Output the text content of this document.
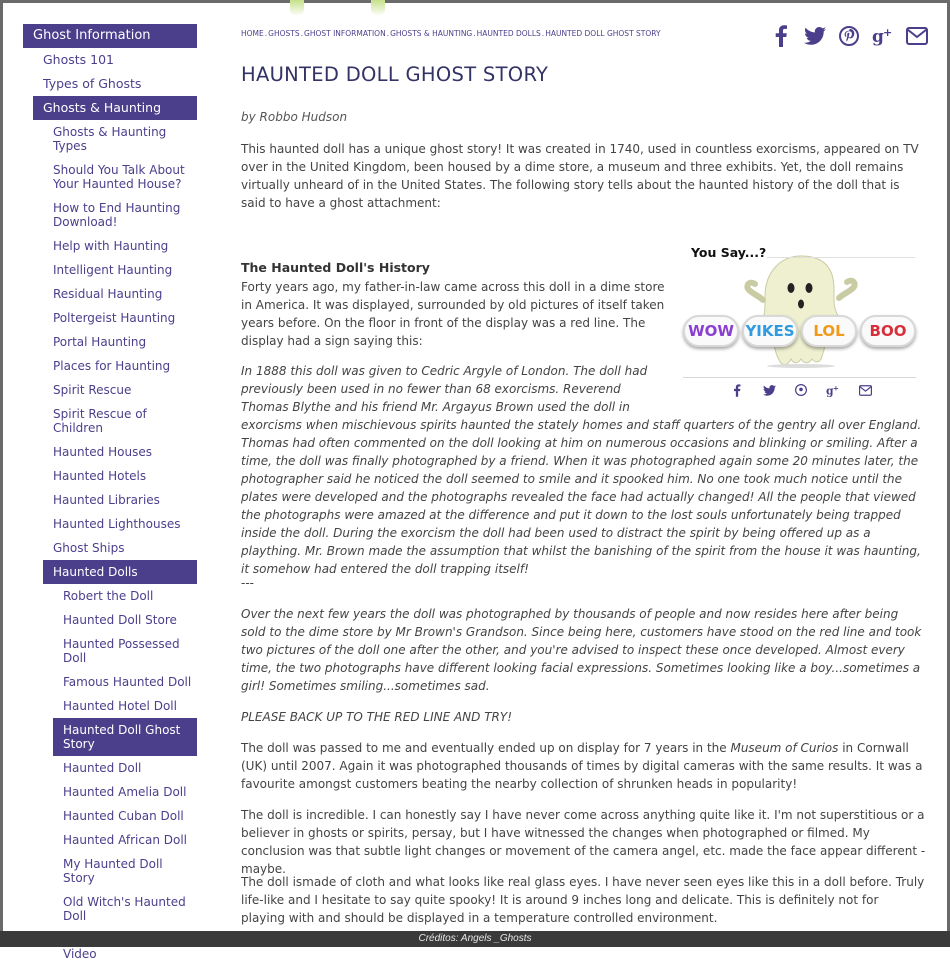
Ghost Information
Ghosts 101
Types of Ghosts
Ghosts & Haunting
Ghosts & Haunting Types
Should You Talk About Your Haunted House?
How to End Haunting Download!
Help with Haunting
Intelligent Haunting
Residual Haunting
Poltergeist Haunting
Portal Haunting
Places for Haunting
Spirit Rescue
Spirit Rescue of Children
Haunted Houses
Haunted Hotels
Haunted Libraries
Haunted Lighthouses
Ghost Ships
Haunted Dolls
Robert the Doll
Haunted Doll Store
Haunted Possessed Doll
Famous Haunted Doll
Haunted Hotel Doll
Haunted Doll Ghost Story
Haunted Doll
Haunted Amelia Doll
Haunted Cuban Doll
Haunted African Doll
My Haunted Doll Story
Old Witch's Haunted Doll
Video
HOME.GHOSTS.GHOST INFORMATION.GHOSTS & HAUNTING.HAUNTED DOLLS.HAUNTED DOLL GHOST STORY	g +
HAUNTED DOLL GHOST STORY
by Robbo Hudson

This haunted doll has a unique ghost story! It was created in 1740, used in countless exorcisms, appeared on TV over in the United Kingdom, been housed by a dime store, a museum and three exhibits. Yet, the doll remains virtually unheard of in the United States. The following story tells about the haunted history of the doll that is said to have a ghost attachment:

The Haunted Doll's History

Forty years ago, my father-in-law came across this doll in a dime store in America. It was displayed, surrounded by old pictures of itself taken years before. On the floor in front of the display was a red line. The display had a sign saying this:

In 1888 this doll was given to Cedric Argyle of London. The doll had previously been used in no fewer than 68 exorcisms. Reverend Thomas Blythe and his friend Mr. Argayus Brown used the doll in exorcisms when mischievous spirits haunted the stately homes and staff quarters of the gentry all over England. Thomas had often commented on the doll looking at him on numerous occasions and blinking or smiling. After a time, the doll was finally photographed by a friend. When it was photographed again some 20 minutes later, the photographer said he noticed the doll seemed to smile and it spooked him. No one took much notice until the plates were developed and the photographs revealed the face had actually changed! All the people that viewed the photographs were amazed at the difference and put it down to the lost souls unfortunately being trapped inside the doll. During the exorcism the doll had been used to distract the spirit by being offered up as a plaything. Mr. Brown made the assumption that whilst the banishing of the spirit from the house it was haunting, it somehow had entered the doll trapping itself!

---

Over the next few years the doll was photographed by thousands of people and now resides here after being sold to the dime store by Mr Brown's Grandson. Since being here, customers have stood on the red line and took two pictures of the doll one after the other, and you're advised to inspect these once developed. Almost every time, the two photographs have different looking facial expressions. Sometimes looking like a boy...sometimes a girl! Sometimes smiling...sometimes sad.

PLEASE BACK UP TO THE RED LINE AND TRY!

The doll was passed to me and eventually ended up on display for 7 years in the Museum of Curios in Cornwall (UK) until 2007. Again it was photographed thousands of times by digital cameras with the same results. It was a favourite amongst customers beating the nearby collection of shrunken heads in popularity!

The doll is incredible. I can honestly say I have never come across anything quite like it. I'm not superstitious or a believer in ghosts or spirits, persay, but I have witnessed the changes when photographed or filmed. My conclusion was that subtle light changes or movement of the camera angel, etc. made the face appear different - maybe.

The doll ismade of cloth and what looks like real glass eyes. I have never seen eyes like this in a doll before. Truly life-like and I hesitate to say quite spooky! It is around 9 inches long and delicate. This is definitely not for playing with and should be displayed in a temperature controlled environment.

You Say...?
WOW YIKES	LOL	BOO
g +
Créditos: Angels _Ghosts
